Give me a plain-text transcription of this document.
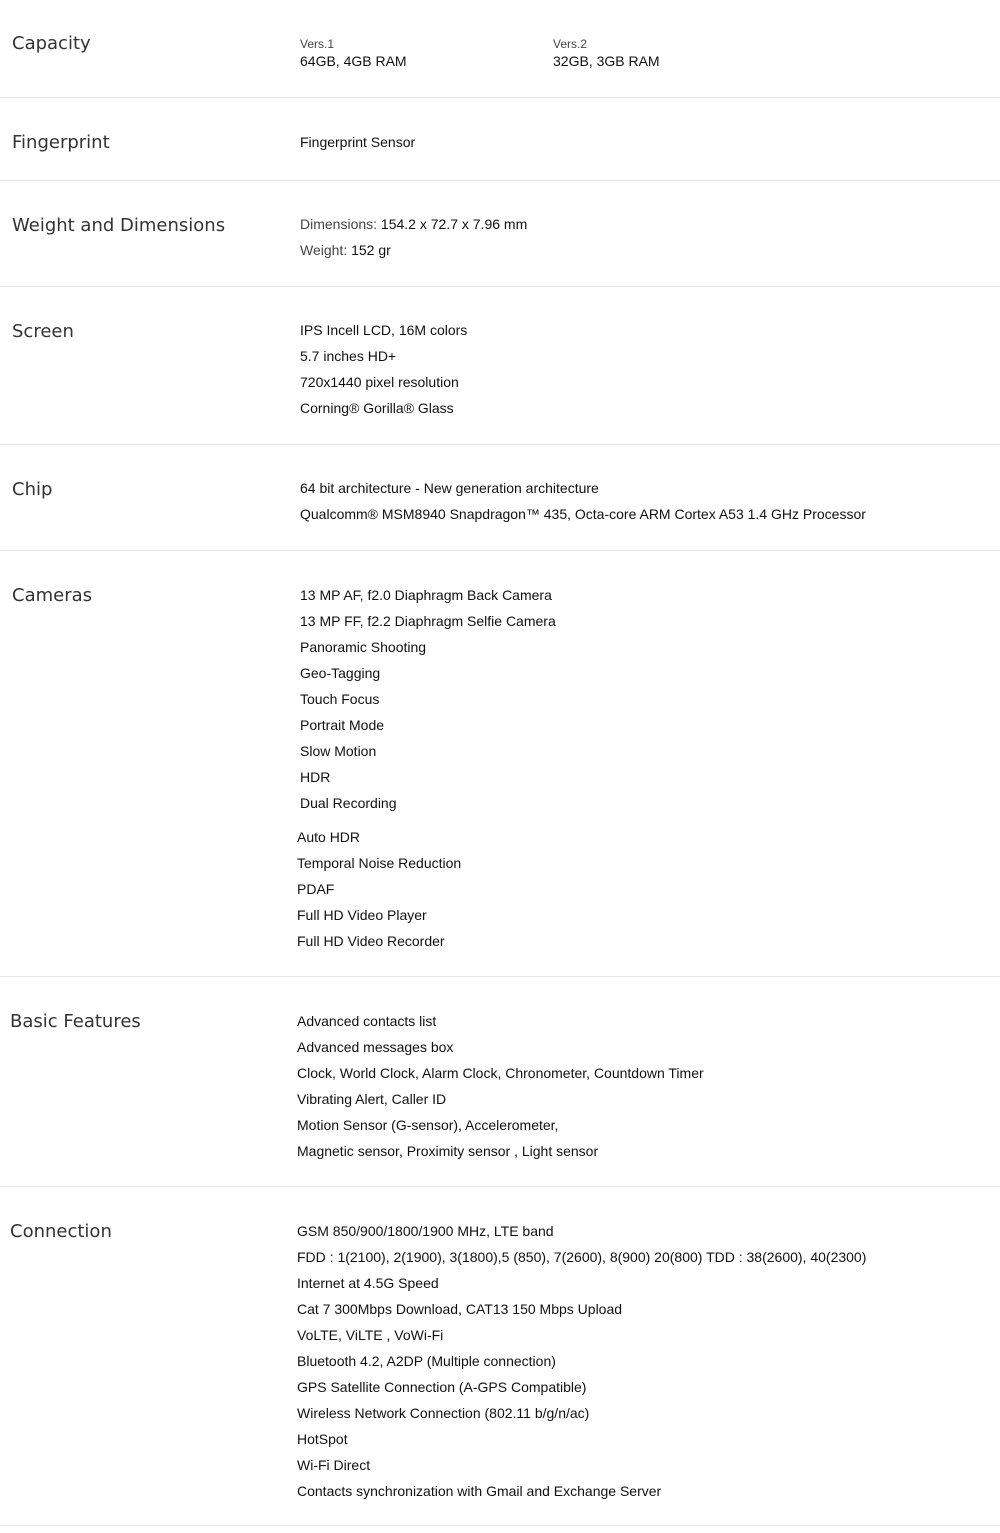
Capacity	Vers.1
64GB, 4GB RAM
Vers.2
32GB, 3GB RAM
Fingerprint	Fingerprint Sensor
Weight and Dimensions	Dimensions: 154.2 x 72.7 x 7.96 mm
Weight: 152 gr
Screen	IPS Incell LCD, 16M colors
5.7 inches HD+
720x1440 pixel resolution
Corning® Gorilla® Glass
Chip	64 bit architecture - New generation architecture
Qualcomm® MSM8940 Snapdragon™ 435, Octa-core ARM Cortex A53 1.4 GHz Processor
Cameras	13 MP AF, f2.0 Diaphragm Back Camera
13 MP FF, f2.2 Diaphragm Selfie Camera
Panoramic Shooting
Geo-Tagging
Touch Focus
Portrait Mode
Slow Motion
HDR
Dual Recording
Auto HDR
Temporal Noise Reduction
PDAF
Full HD Video Player
Full HD Video Recorder
Basic Features	Advanced contacts list
Advanced messages box
Clock, World Clock, Alarm Clock, Chronometer, Countdown Timer
Vibrating Alert, Caller ID
Motion Sensor (G-sensor), Accelerometer,
Magnetic sensor, Proximity sensor , Light sensor
Connection	GSM 850/900/1800/1900 MHz, LTE band
FDD : 1(2100), 2(1900), 3(1800),5 (850), 7(2600), 8(900) 20(800) TDD : 38(2600), 40(2300)
Internet at 4.5G Speed
Cat 7 300Mbps Download, CAT13 150 Mbps Upload
VoLTE, ViLTE , VoWi-Fi
Bluetooth 4.2, A2DP (Multiple connection)
GPS Satellite Connection (A-GPS Compatible)
Wireless Network Connection (802.11 b/g/n/ac)
HotSpot
Wi-Fi Direct
Contacts synchronization with Gmail and Exchange Server
